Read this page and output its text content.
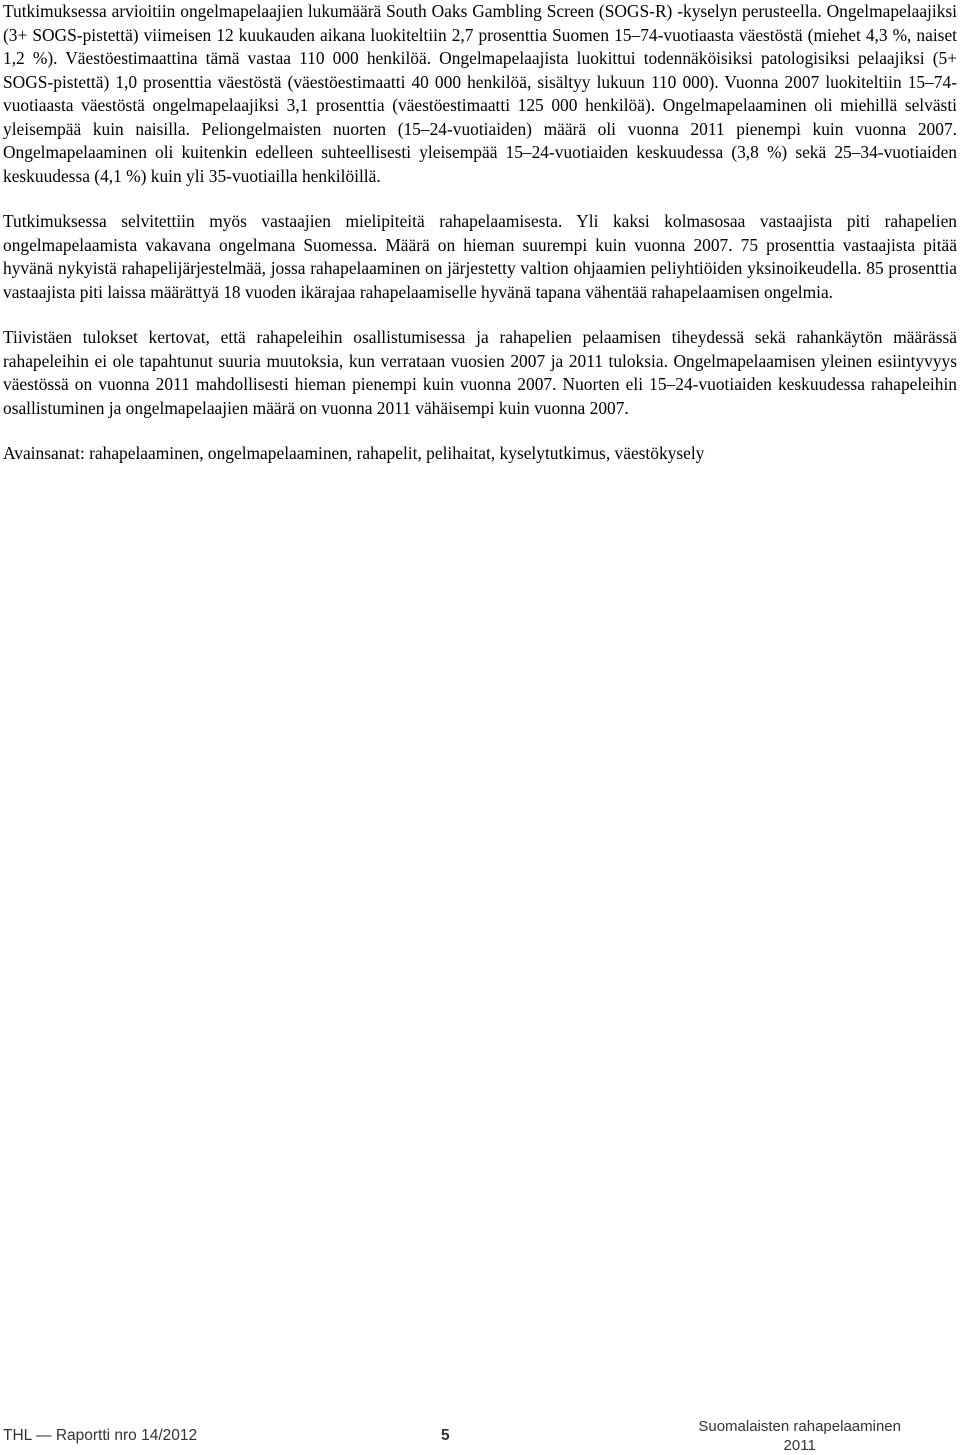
Tutkimuksessa arvioitiin ongelmapelaajien lukumäärä South Oaks Gambling Screen (SOGS-R) -kyselyn perusteella. Ongelmapelaajiksi (3+ SOGS-pistettä) viimeisen 12 kuukauden aikana luokiteltiin 2,7 prosenttia Suomen 15–74-vuotiaasta väestöstä (miehet 4,3 %, naiset 1,2 %). Väestöestimaattina tämä vastaa 110 000 henkilöä. Ongelmapelaajista luokittui todennäköisiksi patologisiksi pelaajiksi (5+ SOGS-pistettä) 1,0 prosenttia väestöstä (väestöestimaatti 40 000 henkilöä, sisältyy lukuun 110 000). Vuonna 2007 luokiteltiin 15–74-vuotiaasta väestöstä ongelmapelaajiksi 3,1 prosenttia (väestöestimaatti 125 000 henkilöä). Ongelmapelaaminen oli miehillä selvästi yleisempää kuin naisilla. Peliongelmaisten nuorten (15–24-vuotiaiden) määrä oli vuonna 2011 pienempi kuin vuonna 2007. Ongelmapelaaminen oli kuitenkin edelleen suhteellisesti yleisempää 15–24-vuotiaiden keskuudessa (3,8 %) sekä 25–34-vuotiaiden keskuudessa (4,1 %) kuin yli 35-vuotiailla henkilöillä.

Tutkimuksessa selvitettiin myös vastaajien mielipiteitä rahapelaamisesta. Yli kaksi kolmasosaa vastaajista piti rahapelien ongelmapelaamista vakavana ongelmana Suomessa. Määrä on hieman suurempi kuin vuonna 2007. 75 prosenttia vastaajista pitää hyvänä nykyistä rahapelijärjestelmää, jossa rahapelaaminen on järjestetty valtion ohjaamien peliyhtiöiden yksinoikeudella. 85 prosenttia vastaajista piti laissa määrättyä 18 vuoden ikärajaa rahapelaamiselle hyvänä tapana vähentää rahapelaamisen ongelmia.

Tiivistäen tulokset kertovat, että rahapeleihin osallistumisessa ja rahapelien pelaamisen tiheydessä sekä rahankäytön määrässä rahapeleihin ei ole tapahtunut suuria muutoksia, kun verrataan vuosien 2007 ja 2011 tuloksia. Ongelmapelaamisen yleinen esiintyvyys väestössä on vuonna 2011 mahdollisesti hieman pienempi kuin vuonna 2007. Nuorten eli 15–24-vuotiaiden keskuudessa rahapeleihin osallistuminen ja ongelmapelaajien määrä on vuonna 2011 vähäisempi kuin vuonna 2007.

Avainsanat: rahapelaaminen, ongelmapelaaminen, rahapelit, pelihaitat, kyselytutkimus, väestökysely

THL — Raportti nro 14/2012	5
Suomalaisten rahapelaaminen
2011
